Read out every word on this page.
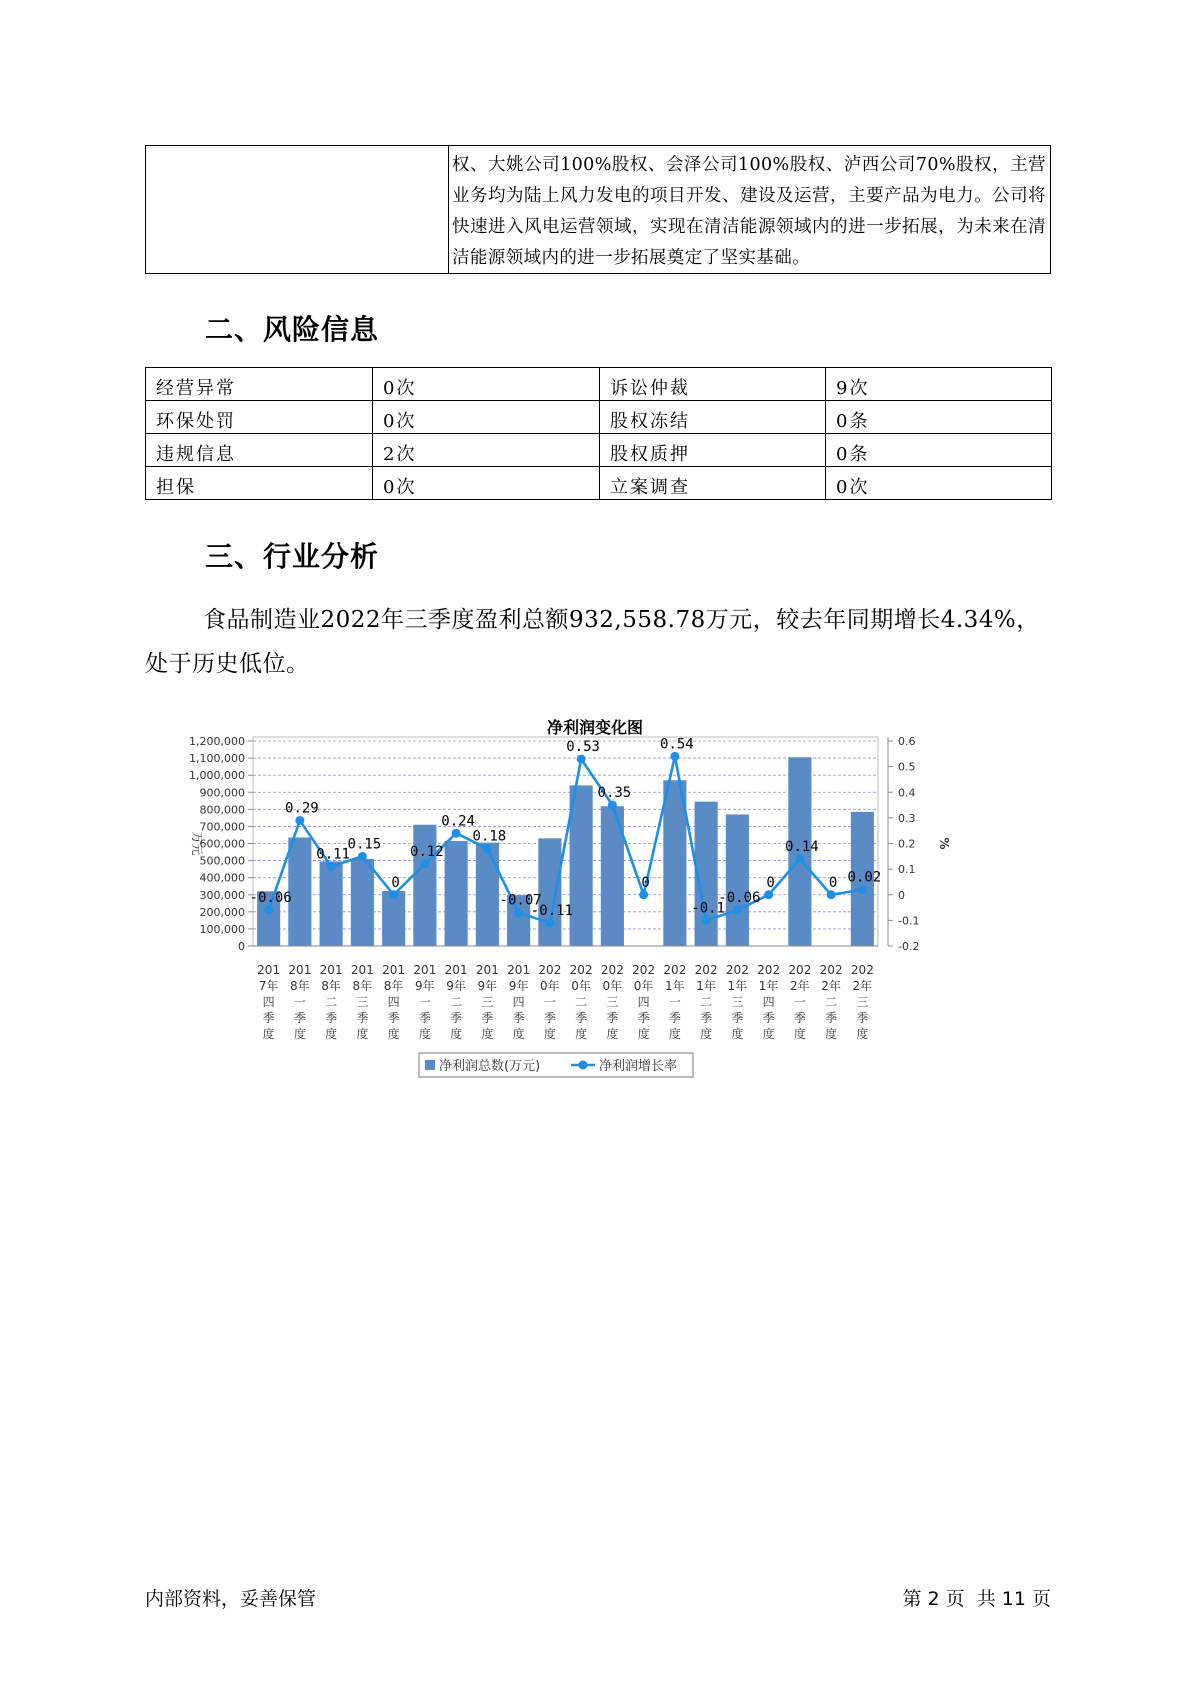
权、大姚公司100%股权、会泽公司100%股权、泸西公司70%股权，主营业务均为陆上风力发电的项目开发、建设及运营，主要产品为电力。公司将快速进入风电运营领域，实现在清洁能源领域内的进一步拓展，为未来在清洁能源领域内的进一步拓展奠定了坚实基础。
二、风险信息
经营异常	0次	诉讼仲裁	9次
环保处罚	0次	股权冻结	0条
违规信息	2次	股权质押	0条
担保	0次	立案调查	0次
三、行业分析
食品制造业2022年三季度盈利总额932,558.78万元，较去年同期增长4.34%，处于历史低位。
净利润变化图
0
100,000
200,000
300,000
400,000
500,000
600,000
700,000
800,000
900,000
1,000,000
1,100,000
1,200,000
-0.2
-0.1
0
0.1
0.2
0.3
0.4
0.5
0.6
万元	%
201 7年四季度
201 8年一季度
201 8年二季度
201 8年三季度
201 8年四季度
201 9年一季度
201 9年二季度
201 9年三季度
201 9年四季度
202 0年一季度
202 0年二季度
202 0年三季度
202 0年四季度
202 1年一季度
202 1年二季度
202 1年三季度
202 1年四季度
202 2年一季度
202 2年二季度
202 2年三季度
-0.06
0.29
0.11
0.15
0
0.12
0.24
0.18
-0.07
-0.11
0.53
0.35
0
0.54
-0.1
-0.06
0
0.14
0 0.02
净利润总数(万元)	净利润增长率
内部资料，妥善保管	第 2 页  共 11 页
